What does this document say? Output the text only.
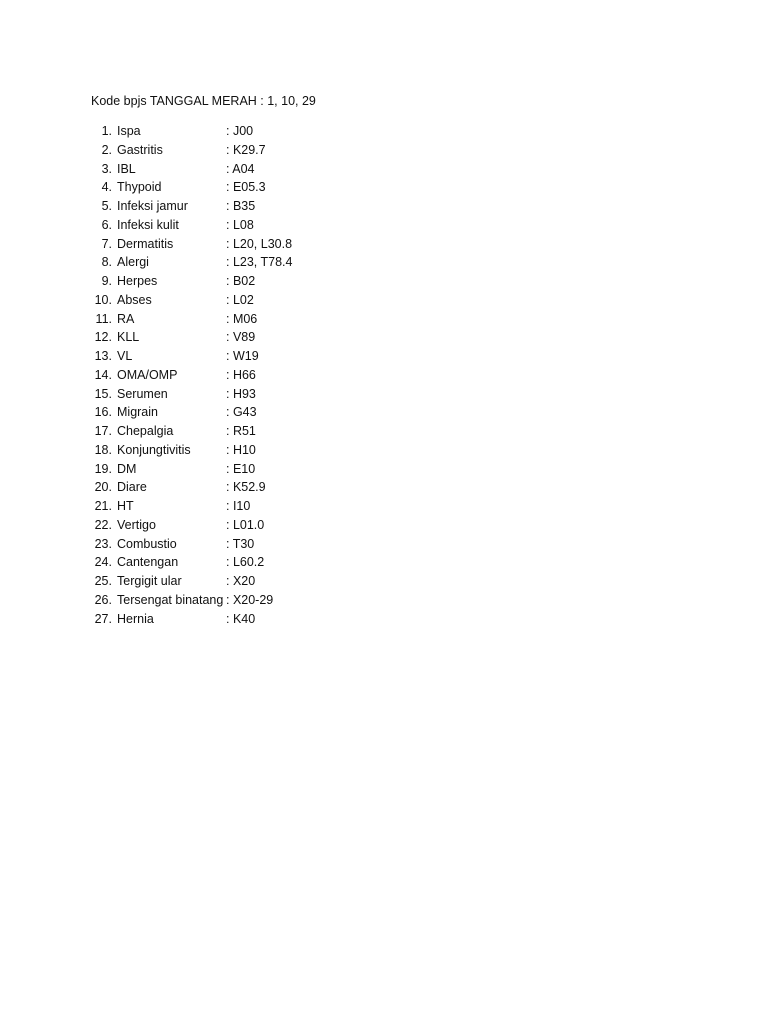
Kode bpjs TANGGAL MERAH : 1, 10, 29
1. Ispa	: J00
2. Gastritis	: K29.7
3. IBL	: A04
4. Thypoid	: E05.3
5. Infeksi jamur	: B35
6. Infeksi kulit	: L08
7. Dermatitis	: L20, L30.8
8. Alergi	: L23, T78.4
9. Herpes	: B02
10. Abses	: L02
11. RA	: M06
12. KLL	: V89
13. VL	: W19
14. OMA/OMP	: H66
15. Serumen	: H93
16. Migrain	: G43
17. Chepalgia	: R51
18. Konjungtivitis	: H10
19. DM	: E10
20. Diare	: K52.9
21. HT	: I10
22. Vertigo	: L01.0
23. Combustio	: T30
24. Cantengan	: L60.2
25. Tergigit ular	: X20
26. Tersengat binatang : X20-29
27. Hernia	: K40
